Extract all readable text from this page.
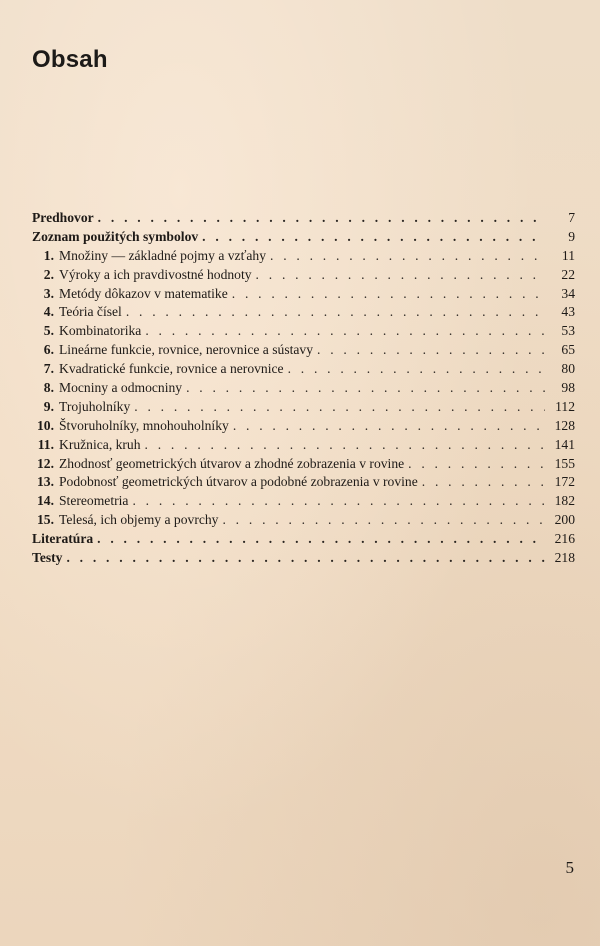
Obsah
Predhovor . . .	7
Zoznam použitých symbolov . . .	9
1. Množiny — základné pojmy a vzťahy . . .	11
2. Výroky a ich pravdivostné hodnoty . . .	22
3. Metódy dôkazov v matematike . . .	34
4. Teória čísel . . .	43
5. Kombinatorika . . .	53
6. Lineárne funkcie, rovnice, nerovnice a sústavy . . .	65
7. Kvadratické funkcie, rovnice a nerovnice . . .	80
8. Mocniny a odmocniny . . .	98
9. Trojuholníky . . .	112
10. Štvoruholníky, mnohouholníky . . .	128
11. Kružnica, kruh . . .	141
12. Zhodnosť geometrických útvarov a zhodné zobrazenia v rovine . . .	155
13. Podobnosť geometrických útvarov a podobné zobrazenia v rovine . . .	172
14. Stereometria . . .	182
15. Telesá, ich objemy a povrchy . . .	200
Literatúra . . .	216
Testy . . .	218
5
